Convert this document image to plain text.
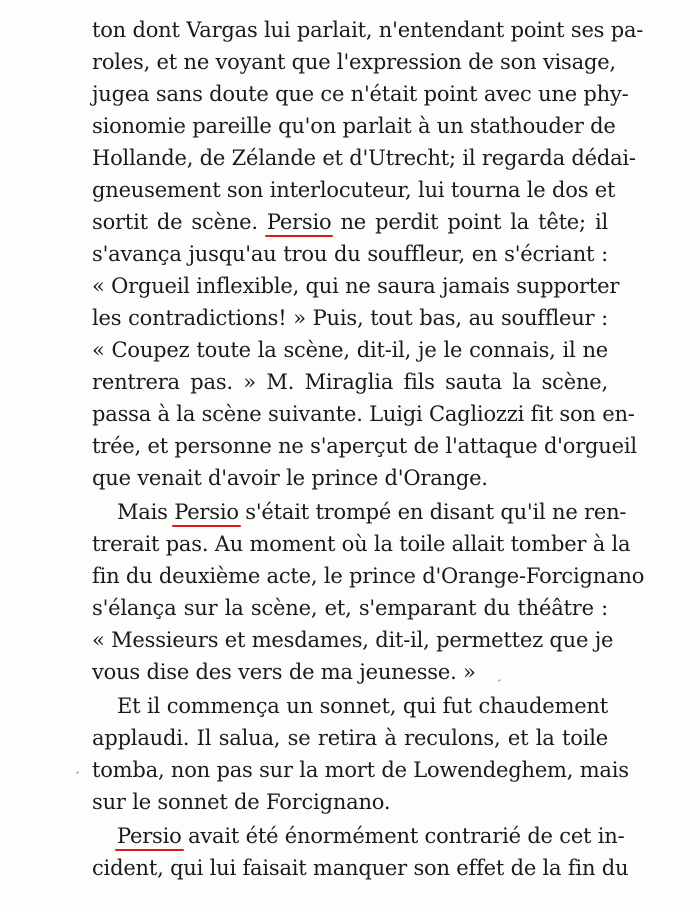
ton dont Vargas lui parlait, n'entendant point ses pa-
roles, et ne voyant que l'expression de son visage,
jugea sans doute que ce n'était point avec une phy-
sionomie pareille qu'on parlait à un stathouder de
Hollande, de Zélande et d'Utrecht; il regarda dédai-
gneusement son interlocuteur, lui tourna le dos et
sortit de scène. Persio ne perdit point la tête; il
s'avança jusqu'au trou du souffleur, en s'écriant :
« Orgueil inflexible, qui ne saura jamais supporter
les contradictions! » Puis, tout bas, au souffleur :
« Coupez toute la scène, dit-il, je le connais, il ne
rentrera pas. » M. Miraglia fils sauta la scène,
passa à la scène suivante. Luigi Cagliozzi fit son en-
trée, et personne ne s'aperçut de l'attaque d'orgueil
que venait d'avoir le prince d'Orange.
Mais Persio s'était trompé en disant qu'il ne ren-
trerait pas. Au moment où la toile allait tomber à la
fin du deuxième acte, le prince d'Orange-Forcignano
s'élança sur la scène, et, s'emparant du théâtre :
« Messieurs et mesdames, dit-il, permettez que je
vous dise des vers de ma jeunesse. »
Et il commença un sonnet, qui fut chaudement
applaudi. Il salua, se retira à reculons, et la toile
tomba, non pas sur la mort de Lowendeghem, mais
sur le sonnet de Forcignano.
Persio avait été énormément contrarié de cet in-
cident, qui lui faisait manquer son effet de la fin du
